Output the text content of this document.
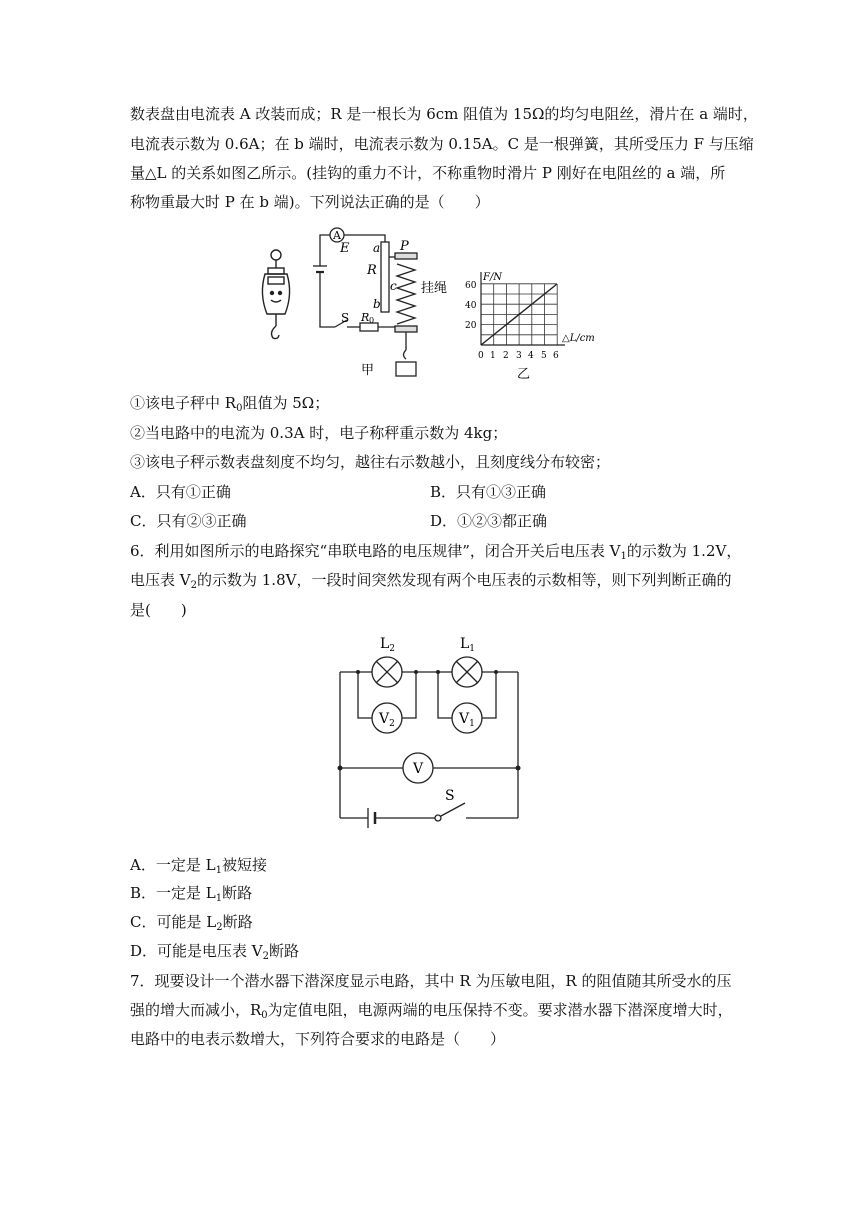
数表盘由电流表 A 改装而成；R 是一根长为 6cm 阻值为 15Ω的均匀电阻丝，滑片在 a 端时，
电流表示数为 0.6A；在 b 端时，电流表示数为 0.15A。C 是一根弹簧，其所受压力 F 与压缩
量△L 的关系如图乙所示。(挂钩的重力不计，不称重物时滑片 P 刚好在电阻丝的 a 端，所
称物重最大时 P 在 b 端)。下列说法正确的是（　　）
A
a P
R
E
c
b
S R 0
挂绳
甲
F/N
△L/cm
60
40
20
0 1 2 3 4 5 6
乙
①该电子秤中 $R_0$阻值为 5Ω；
②当电路中的电流为 0.3A 时，电子称秤重示数为 4kg；
③该电子秤示数表盘刻度不均匀，越往右示数越小，且刻度线分布较密；
A．只有①正确	B．只有①③正确
C．只有②③正确	D．①②③都正确
6．利用如图所示的电路探究“串联电路的电压规律”，闭合开关后电压表 $V_1$的示数为 1.2V，
电压表 $V_2$的示数为 1.8V，一段时间突然发现有两个电压表的示数相等，则下列判断正确的
是(　　)
$L_2$	$L_1$
$V_2$	$V_1$
V
S
A．一定是 $L_1$被短接
B．一定是 $L_1$断路
C．可能是 $L_2$断路
D．可能是电压表 $V_2$断路
7．现要设计一个潜水器下潜深度显示电路，其中 R 为压敏电阻，R 的阻值随其所受水的压
强的增大而减小，$R_0$为定值电阻，电源两端的电压保持不变。要求潜水器下潜深度增大时，
电路中的电表示数增大，下列符合要求的电路是（　　）
